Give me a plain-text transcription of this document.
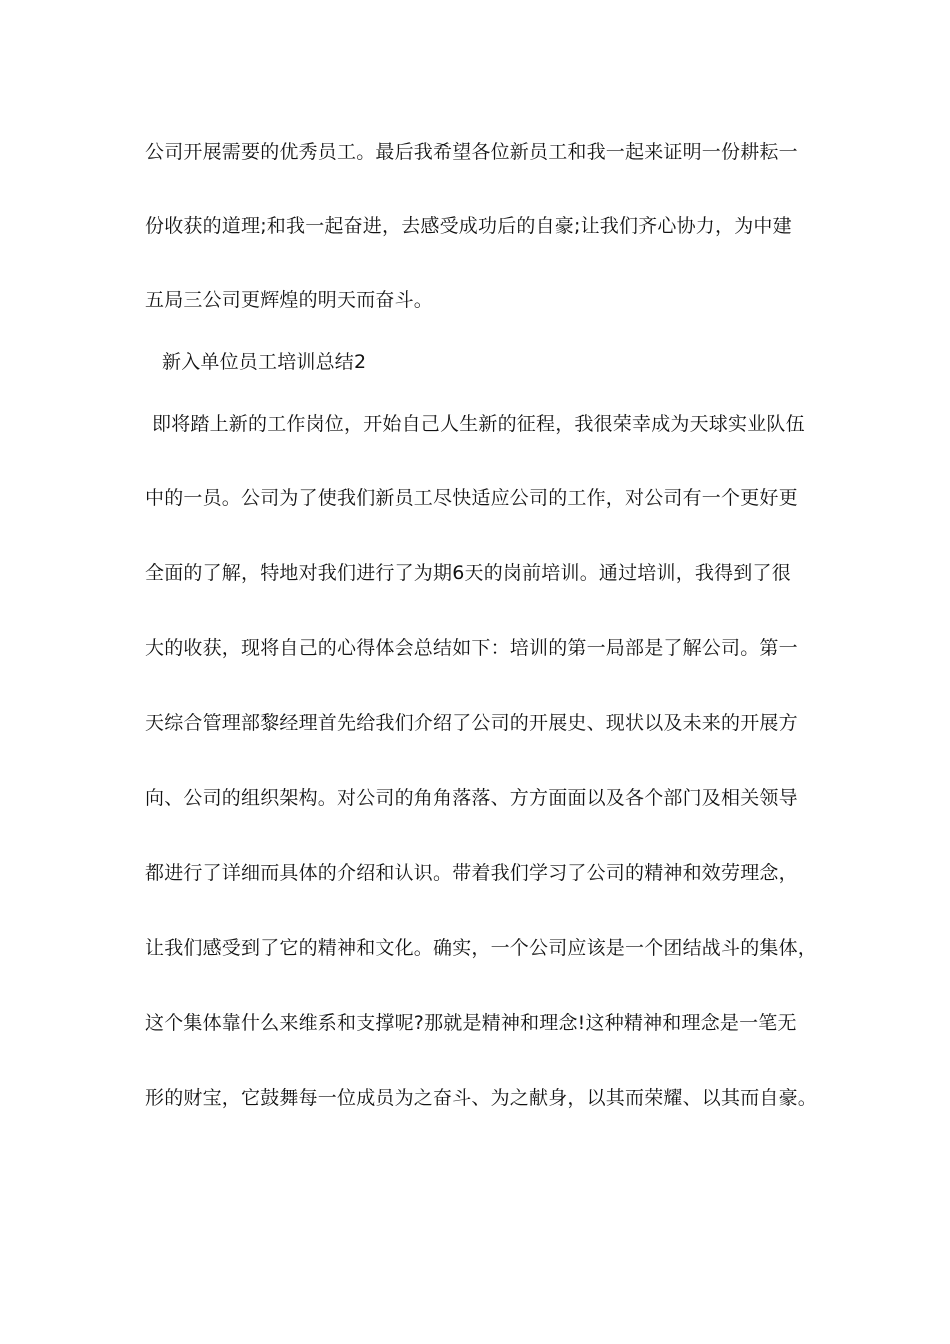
公司开展需要的优秀员工。最后我希望各位新员工和我一起来证明一份耕耘一
份收获的道理;和我一起奋进，去感受成功后的自豪;让我们齐心协力，为中建
五局三公司更辉煌的明天而奋斗。
新入单位员工培训总结2
即将踏上新的工作岗位，开始自己人生新的征程，我很荣幸成为天球实业队伍
中的一员。公司为了使我们新员工尽快适应公司的工作，对公司有一个更好更
全面的了解，特地对我们进行了为期6天的岗前培训。通过培训，我得到了很
大的收获，现将自己的心得体会总结如下：培训的第一局部是了解公司。第一
天综合管理部黎经理首先给我们介绍了公司的开展史、现状以及未来的开展方
向、公司的组织架构。对公司的角角落落、方方面面以及各个部门及相关领导
都进行了详细而具体的介绍和认识。带着我们学习了公司的精神和效劳理念，
让我们感受到了它的精神和文化。确实，一个公司应该是一个团结战斗的集体，
这个集体靠什么来维系和支撑呢?那就是精神和理念!这种精神和理念是一笔无
形的财宝，它鼓舞每一位成员为之奋斗、为之献身，以其而荣耀、以其而自豪。
